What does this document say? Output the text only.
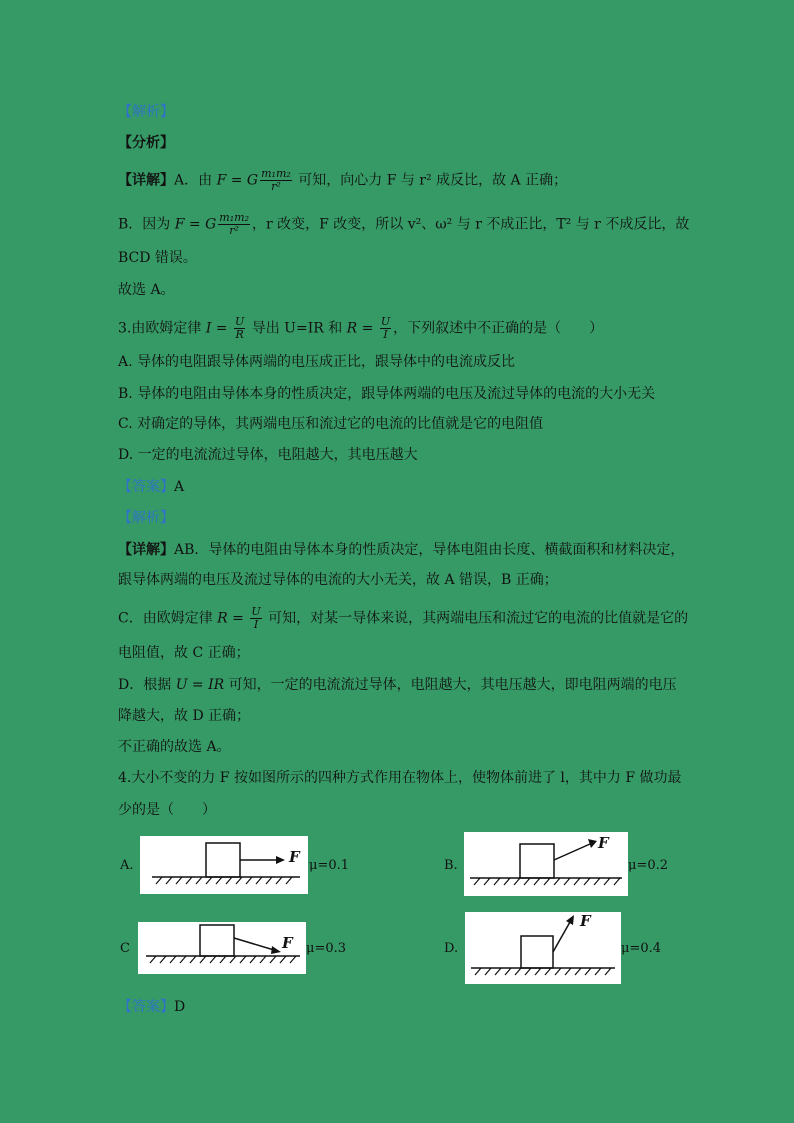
【解析】
【分析】
【详解】A．由 F = G $\frac{\text{m₁m₂}}{\text{r²}}$ 可知，向心力 F 与 r² 成反比，故 A 正确；
B．因为 F = G $\frac{\text{m₁m₂}}{\text{r²}}$ ，r 改变，F 改变，所以 v²、ω² 与 r 不成正比，T² 与 r 不成反比，故
BCD 错误。
故选 A。
3.由欧姆定律 $I = \frac{U}{R}$ 导出 U=IR 和 $R = \frac{U}{I}$ ，下列叙述中不正确的是（　　）
A. 导体的电阻跟导体两端的电压成正比，跟导体中的电流成反比
B. 导体的电阻由导体本身的性质决定，跟导体两端的电压及流过导体的电流的大小无关
C. 对确定的导体，其两端电压和流过它的电流的比值就是它的电阻值
D. 一定的电流流过导体，电阻越大，其电压越大
【答案】A
【解析】
【详解】AB．导体的电阻由导体本身的性质决定，导体电阻由长度、横截面积和材料决定，
跟导体两端的电压及流过导体的电流的大小无关，故 A 错误，B 正确；
C．由欧姆定律 $R = \frac{U}{I}$ 可知，对某一导体来说，其两端电压和流过它的电流的比值就是它的
电阻值，故 C 正确；
D．根据 U = IR 可知，一定的电流流过导体，电阻越大，其电压越大，即电阻两端的电压
降越大，故 D 正确；
不正确的故选 A。
4.大小不变的力 F 按如图所示的四种方式作用在物体上，使物体前进了 l，其中力 F 做功最
少的是（　　）
A.	F μ=0.1	B.
F
μ=0.2
C	F μ=0.3	D.
F
μ=0.4
【答案】D
